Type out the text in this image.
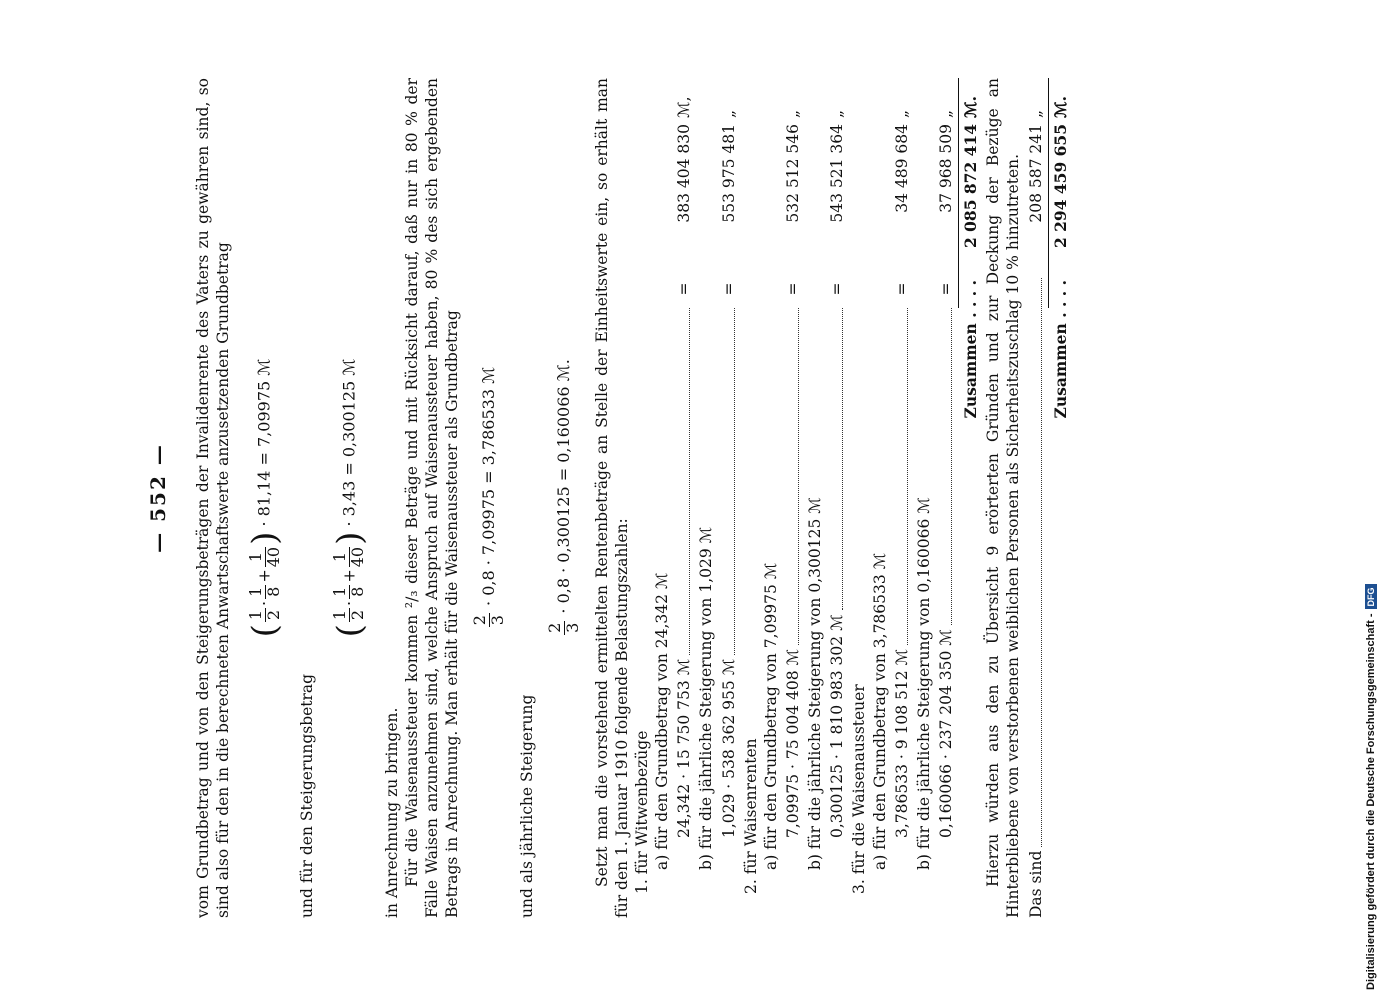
— 552 — vom Grundbetrag und von den Steigerungsbeträgen der Invalidenrente des Vaters zu gewähren sind, so sind also für den in die berechneten Anwartschaftswerte anzusetzenden Grundbetrag (
1
2
·
1
8
+
1
40
) · 81,14 = 7,09975 ℳ

und für den Steigerungsbetrag

(
1
2
·
1
8
+
1
40
) · 3,43 = 0,300125 ℳ

in Anrechnung zu bringen. Für die Waisenaussteuer kommen ²/₃ dieser Beträge und mit Rücksicht darauf, daß nur in 80 % der Fälle Waisen anzunehmen sind, welche Anspruch auf Waisenaussteuer haben, 80 % des sich ergebenden Betrags in Anrechnung. Man erhält für die Waisenaussteuer als Grundbetrag 2
3
· 0,8 · 7,09975 = 3,786533 ℳ

und als jährliche Steigerung

2
3
· 0,8 · 0,300125 = 0,160066 ℳ.	Setzt man die vorstehend ermittelten Rentenbeträge an Stelle der Einheitswerte ein, so erhält man für den 1. Januar 1910 folgende Belastungszahlen: 1. für Witwenbezüge a) für den Grundbetrag von 24,342 ℳ 24,342 · 15 750 753 ℳ
=
383 404 830
ℳ,
b) für die jährliche Steigerung von 1,029 ℳ 1,029 · 538 362 955 ℳ
=
553 975 481
„
2. für Waisenrenten a) für den Grundbetrag von 7,09975 ℳ 7,09975 · 75 004 408 ℳ
=
532 512 546
„
b) für die jährliche Steigerung von 0,300125 ℳ 0,300125 · 1 810 983 302 ℳ
=
543 521 364
„
3. für die Waisenaussteuer a) für den Grundbetrag von 3,786533 ℳ 3,786533 · 9 108 512 ℳ
=
34 489 684
„
b) für die jährliche Steigerung von 0,160066 ℳ 0,160066 · 237 204 350 ℳ
=
37 968 509
„
Zusammen . . . .
2 085 872 414
ℳ. Hierzu würden aus den zu Übersicht 9 erörterten Gründen und zur Deckung der Bezüge an Hinterbliebene von verstorbenen weiblichen Personen als Sicherheitszuschlag 10 % hinzutreten. Das sind
208 587 241
„
Zusammen . . . .
2 294 459 655
ℳ.
Digitalisierung gefördert durch die Deutsche Forschungsgemeinschaft -
DFG
